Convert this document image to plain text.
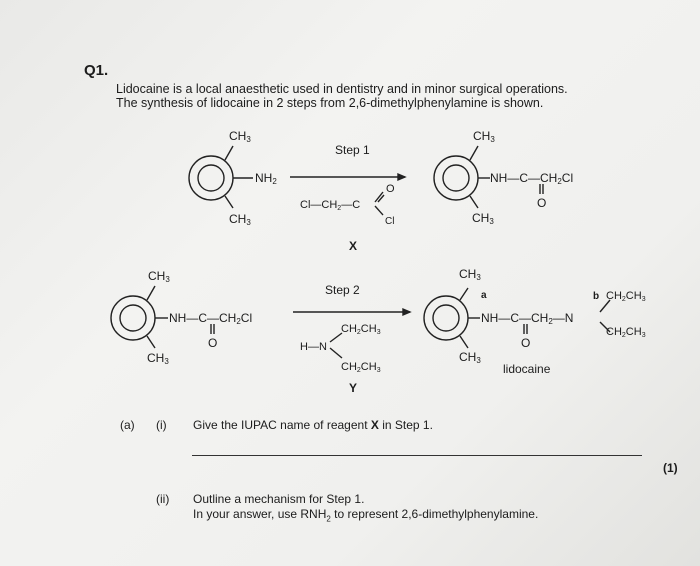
Q1.
Lidocaine is a local anaesthetic used in dentistry and in minor surgical operations.
The synthesis of lidocaine in 2 steps from 2,6-dimethylphenylamine is shown.
CH3
NH2
CH3
Step 1
Cl—CH2—C
O
Cl
X
CH3
NH—C—CH2Cl
O
CH3
CH3
NH—C—CH2Cl
O
CH3
Step 2
CH2CH3
H—N
CH2CH3
Y
CH3
a
NH—C—CH2—N
O
b CH2CH3
CH2CH3
CH3
lidocaine
(a) (i) Give the IUPAC name of reagent X in Step 1.
(1)
(ii) Outline a mechanism for Step 1.
In your answer, use $RNH_2$ to represent 2,6-dimethylphenylamine.
